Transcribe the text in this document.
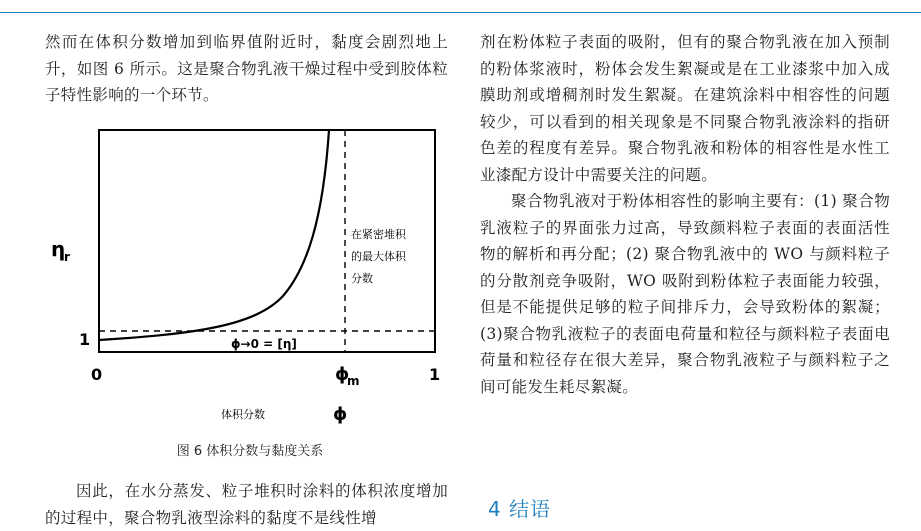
然而在体积分数增加到临界值附近时，黏度会剧烈地上升，如图 6 所示。这是聚合物乳液干燥过程中受到胶体粒子特性影响的一个环节。

η
r
1
在紧密堆积
的最大体积
分数
ϕ→0 = [η]
0	ϕ
m	1
体积分数	ϕ
图 6 体积分数与黏度关系

因此，在水分蒸发、粒子堆积时涂料的体积浓度增加的过程中，聚合物乳液型涂料的黏度不是线性增

剂在粉体粒子表面的吸附，但有的聚合物乳液在加入预制的粉体浆液时，粉体会发生絮凝或是在工业漆浆中加入成膜助剂或增稠剂时发生絮凝。在建筑涂料中相容性的问题较少，可以看到的相关现象是不同聚合物乳液涂料的指研色差的程度有差异。聚合物乳液和粉体的相容性是水性工业漆配方设计中需要关注的问题。

聚合物乳液对于粉体相容性的影响主要有：(1) 聚合物乳液粒子的界面张力过高，导致颜料粒子表面的表面活性物的解析和再分配；(2) 聚合物乳液中的 WO 与颜料粒子的分散剂竞争吸附，WO 吸附到粉体粒子表面能力较强，但是不能提供足够的粒子间排斥力，会导致粉体的絮凝；(3)聚合物乳液粒子的表面电荷量和粒径与颜料粒子表面电荷量和粒径存在很大差异，聚合物乳液粒子与颜料粒子之间可能发生耗尽絮凝。

4 结语
